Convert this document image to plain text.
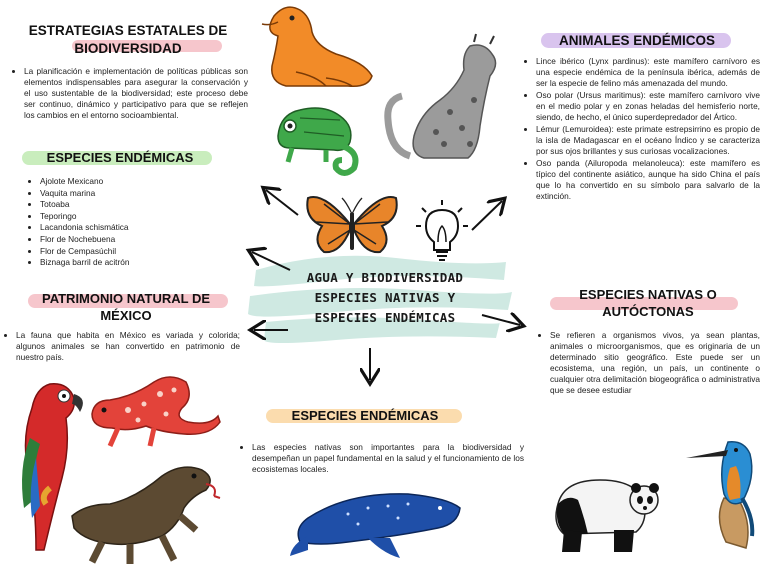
ESTRATEGIAS ESTATALES DE BIODIVERSIDAD
• La planificación e implementación de políticas públicas son elementos indispensables para asegurar la conservación y el uso sustentable de la biodiversidad; este proceso debe ser continuo, dinámico y participativo para que se reflejen los cambios en el entorno socioambiental.
ESPECIES ENDÉMICAS
• Ajolote Mexicano
• Vaquita marina
• Totoaba
• Teporingo
• Lacandonia schismática
• Flor de Nochebuena
• Flor de Cempasúchil
• Biznaga barril de acitrón
PATRIMONIO NATURAL DE MÉXICO
• La fauna que habita en México es variada y colorida; algunos animales se han convertido en patrimonio de nuestro país.
ANIMALES ENDÉMICOS
• Lince ibérico (Lynx pardinus): este mamífero carnívoro es una especie endémica de la península ibérica, además de ser la especie de felino más amenazada del mundo.
• Oso polar (Ursus maritimus): este mamífero carnívoro vive en el medio polar y en zonas heladas del hemisferio norte, siendo, de hecho, el único superdepredador del Ártico.
• Lémur (Lemuroidea): este primate estrepsirrino es propio de la isla de Madagascar en el océano Índico y se caracteriza por sus ojos brillantes y sus curiosas vocalizaciones.
• Oso panda (Ailuropoda melanoleuca): este mamífero es típico del continente asiático, aunque ha sido China el país que lo ha convertido en su símbolo para salvarlo de la extinción.
ESPECIES NATIVAS O AUTÓCTONAS
• Se refieren a organismos vivos, ya sean plantas, animales o microorganismos, que es originaria de un determinado sitio geográfico. Este puede ser un ecosistema, una región, un país, un continente o cualquier otra delimitación biogeográfica o administrativa que se desee estudiar
ESPECIES ENDÉMICAS
• Las especies nativas son importantes para la biodiversidad y desempeñan un papel fundamental en la salud y el funcionamiento de los ecosistemas locales.
AGUA Y BIODIVERSIDAD
ESPECIES NATIVAS Y
ESPECIES ENDÉMICAS
